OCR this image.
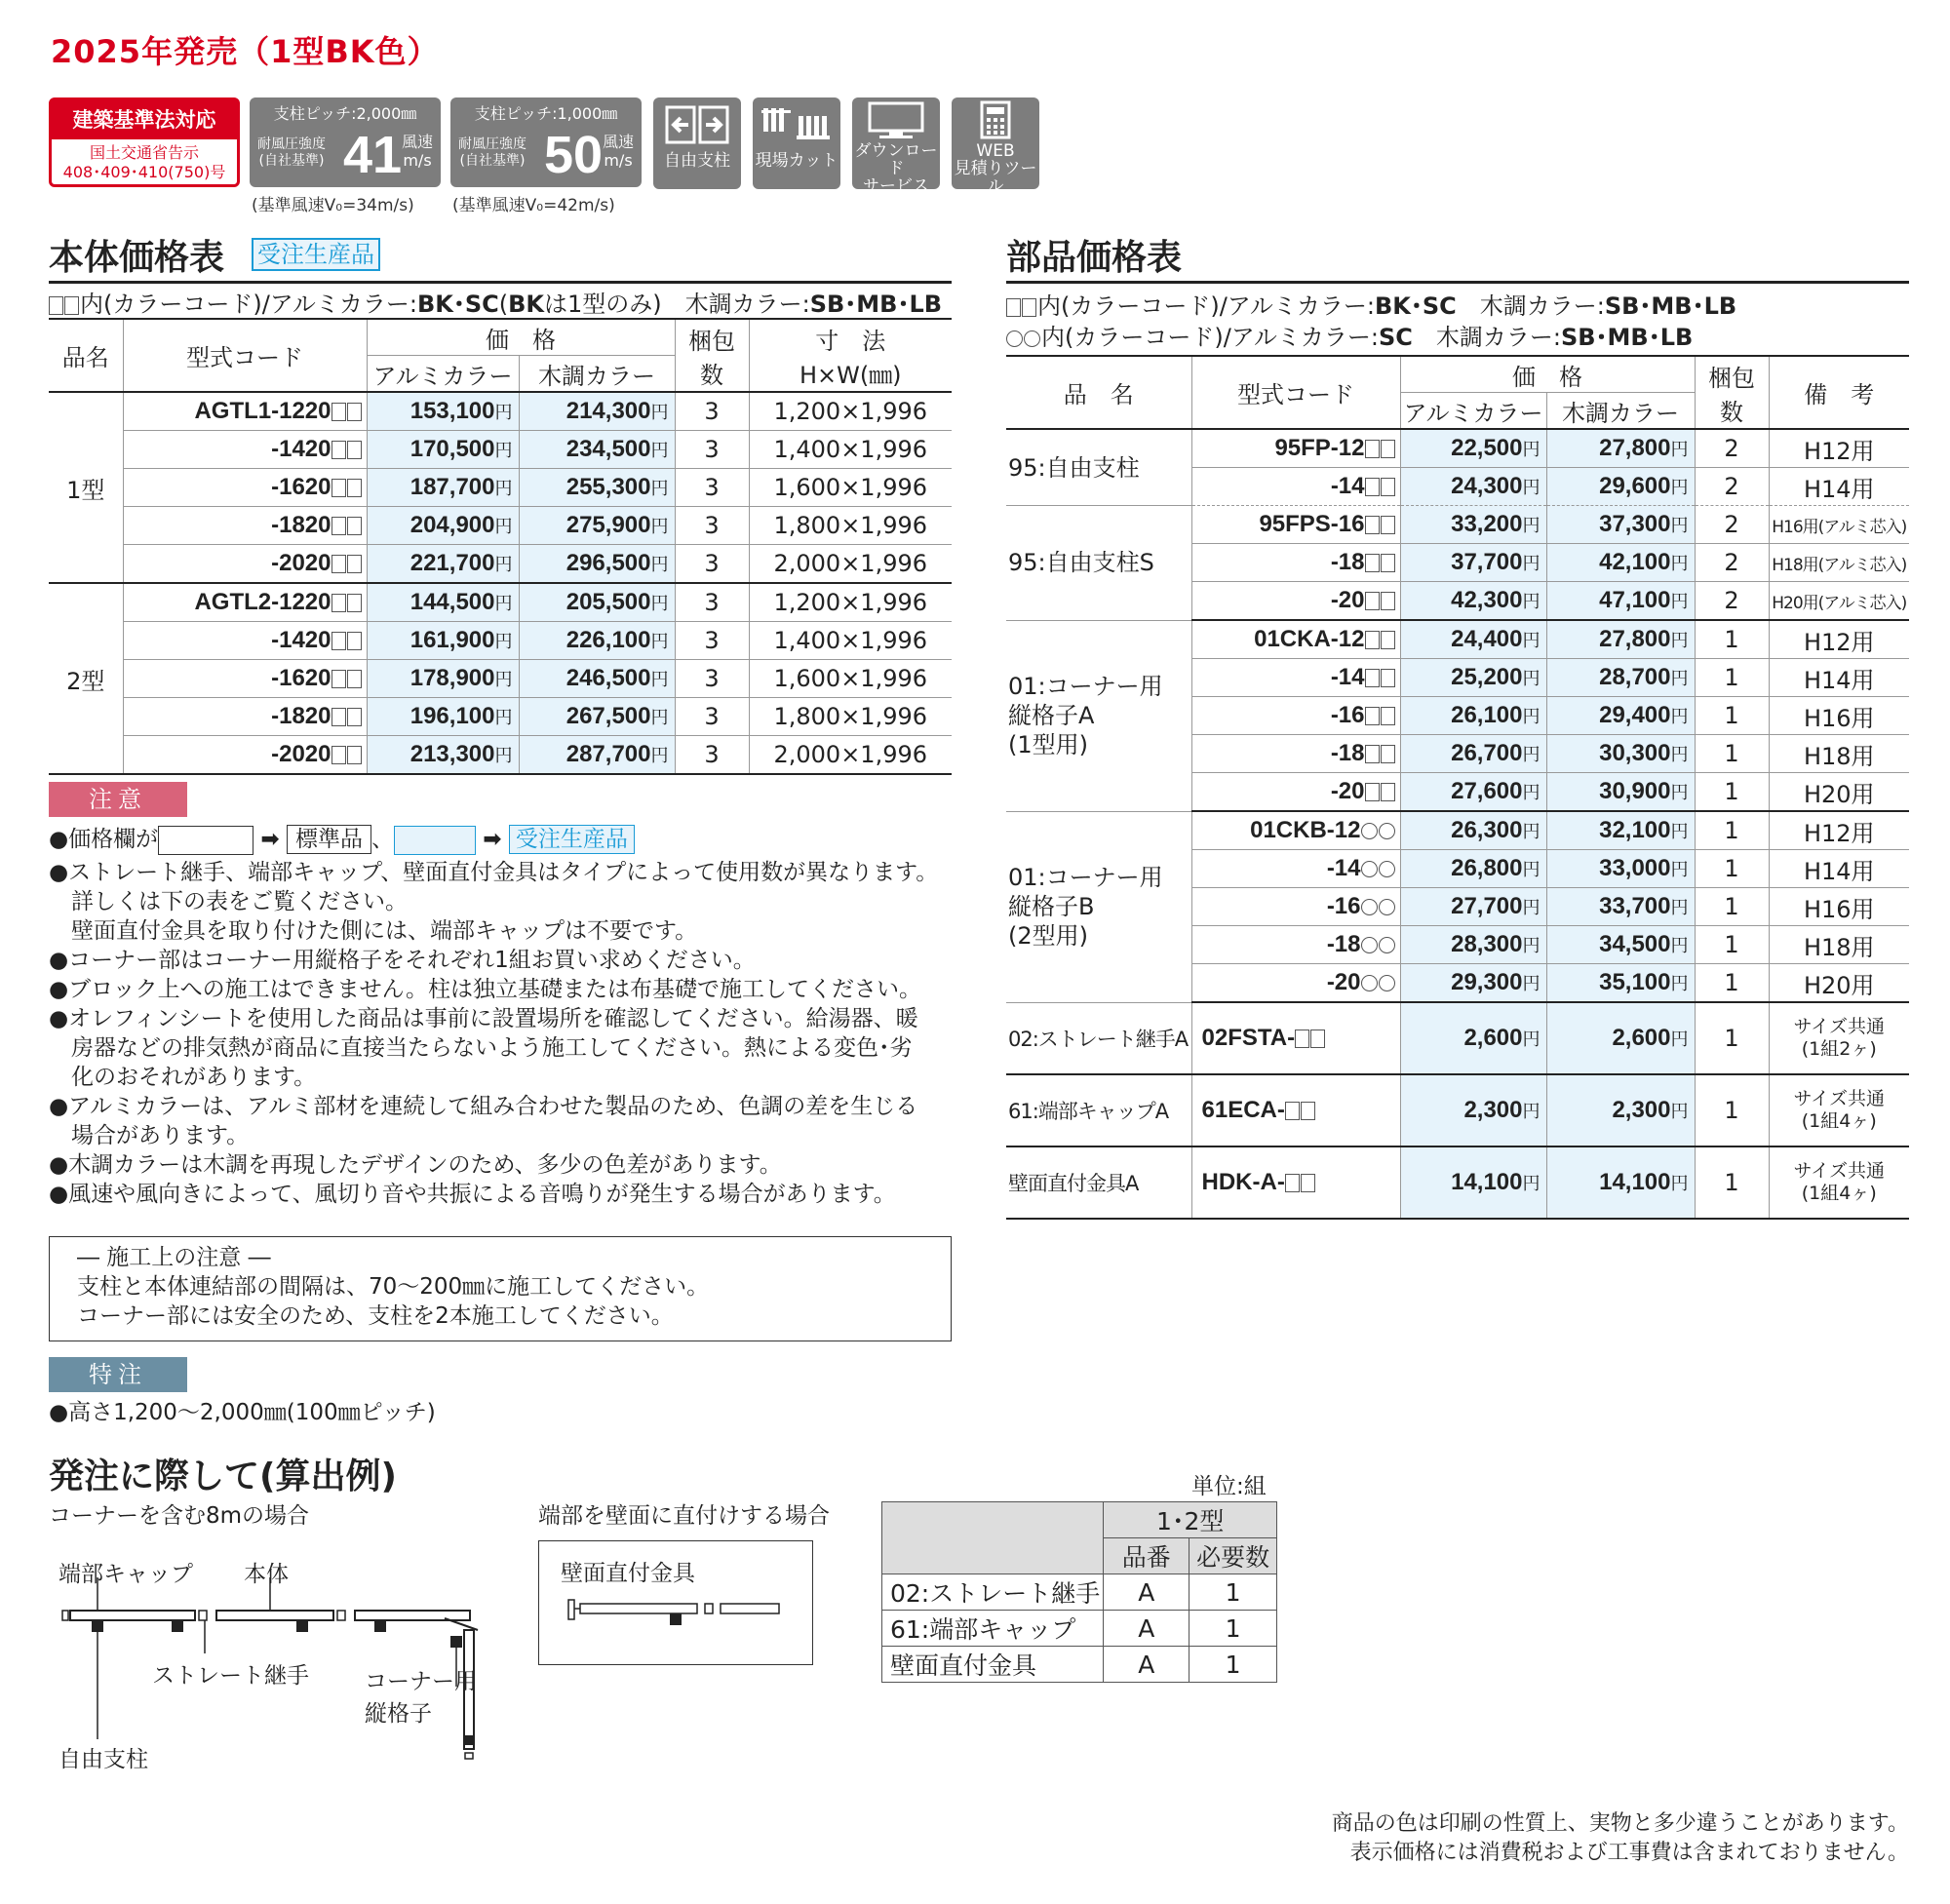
2025年発売（1型BK色）
建築基準法対応
国土交通省告示
408･409･410(750)号
支柱ピッチ:2,000㎜
耐風圧強度
(自社基準) 41 風速
m/s
(基準風速V₀=34m/s)
支柱ピッチ:1,000㎜
耐風圧強度
(自社基準) 50 風速
m/s
(基準風速V₀=42m/s)
自由支柱	現場カット ダウンロード
サービス
WEB
見積りツール
本体価格表 受注生産品
内(カラーコード)/アルミカラー:BK･SC(BKは1型のみ)　木調カラー:SB･MB･LB
品名	型式コード	価　格		梱包
数	寸　法
H×W(㎜)
		アルミカラー	木調カラー		
1型	AGTL1-1220	153,100円	214,300円	3	1,200×1,996
	-1420	170,500円	234,500円	3	1,400×1,996
	-1620	187,700円	255,300円	3	1,600×1,996
	-1820	204,900円	275,900円	3	1,800×1,996
	-2020	221,700円	296,500円	3	2,000×1,996
2型	AGTL2-1220	144,500円	205,500円	3	1,200×1,996
	-1420	161,900円	226,100円	3	1,400×1,996
	-1620	178,900円	246,500円	3	1,600×1,996
	-1820	196,100円	267,500円	3	1,800×1,996
	-2020	213,300円	287,700円	3	2,000×1,996
注意
●価格欄が	➡ 標準品 、	➡ 受注生産品

●ストレート継手、端部キャップ、壁面直付金具はタイプによって使用数が異なります。

　詳しくは下の表をご覧ください。

　壁面直付金具を取り付けた側には、端部キャップは不要です。

●コーナー部はコーナー用縦格子をそれぞれ1組お買い求めください。

●ブロック上への施工はできません。柱は独立基礎または布基礎で施工してください。

●オレフィンシートを使用した商品は事前に設置場所を確認してください。給湯器、暖

　房器などの排気熱が商品に直接当たらないよう施工してください。熱による変色･劣

　化のおそれがあります。

●アルミカラーは、アルミ部材を連続して組み合わせた製品のため、色調の差を生じる

　場合があります。

●木調カラーは木調を再現したデザインのため、多少の色差があります。

●風速や風向きによって、風切り音や共振による音鳴りが発生する場合があります。

― 施工上の注意 ―
支柱と本体連結部の間隔は、70～200㎜に施工してください。
コーナー部には安全のため、支柱を2本施工してください。
特注
●高さ1,200～2,000㎜(100㎜ピッチ)
部品価格表
内(カラーコード)/アルミカラー:BK･SC　木調カラー:SB･MB･LB
内(カラーコード)/アルミカラー:SC　木調カラー:SB･MB･LB
品　名	型式コード	価　格		梱包
数	備　考
		アルミカラー	木調カラー		
95:自由支柱	95FP-12	22,500円	27,800円	2	H12用
	-14	24,300円	29,600円	2	H14用
95:自由支柱S	95FPS-16	33,200円	37,300円	2	H16用(アルミ芯入)
	-18	37,700円	42,100円	2	H18用(アルミ芯入)
	-20	42,300円	47,100円	2	H20用(アルミ芯入)

01:コーナー用
縦格子A
(1型用)	01CKA-12	24,400円	27,800円	1	H12用
	-14	25,200円	28,700円	1	H14用
	-16	26,100円	29,400円	1	H16用
	-18	26,700円	30,300円	1	H18用
	-20	27,600円	30,900円	1	H20用

01:コーナー用
縦格子B
(2型用)	01CKB-12	26,300円	32,100円	1	H12用
	-14	26,800円	33,000円	1	H14用
	-16	27,700円	33,700円	1	H16用
	-18	28,300円	34,500円	1	H18用
	-20	29,300円	35,100円	1	H20用
02:ストレート継手A	02FSTA-	2,600円	2,600円	1	サイズ共通
(1組2ヶ)

61:端部キャップA	61ECA-	2,300円	2,300円	1	サイズ共通
(1組4ヶ)

壁面直付金具A	HDK-A-	14,100円	14,100円	1	サイズ共通
(1組4ヶ)
発注に際して(算出例)
コーナーを含む8mの場合	端部を壁面に直付けする場合
端部キャップ 本体
ストレート継手 コーナー用
縦格子
自由支柱
壁面直付金具
単位:組
	1･2型	
	品番	必要数
02:ストレート継手	A	1
61:端部キャップ	A	1
壁面直付金具	A	1
商品の色は印刷の性質上、実物と多少違うことがあります。
表示価格には消費税および工事費は含まれておりません。
